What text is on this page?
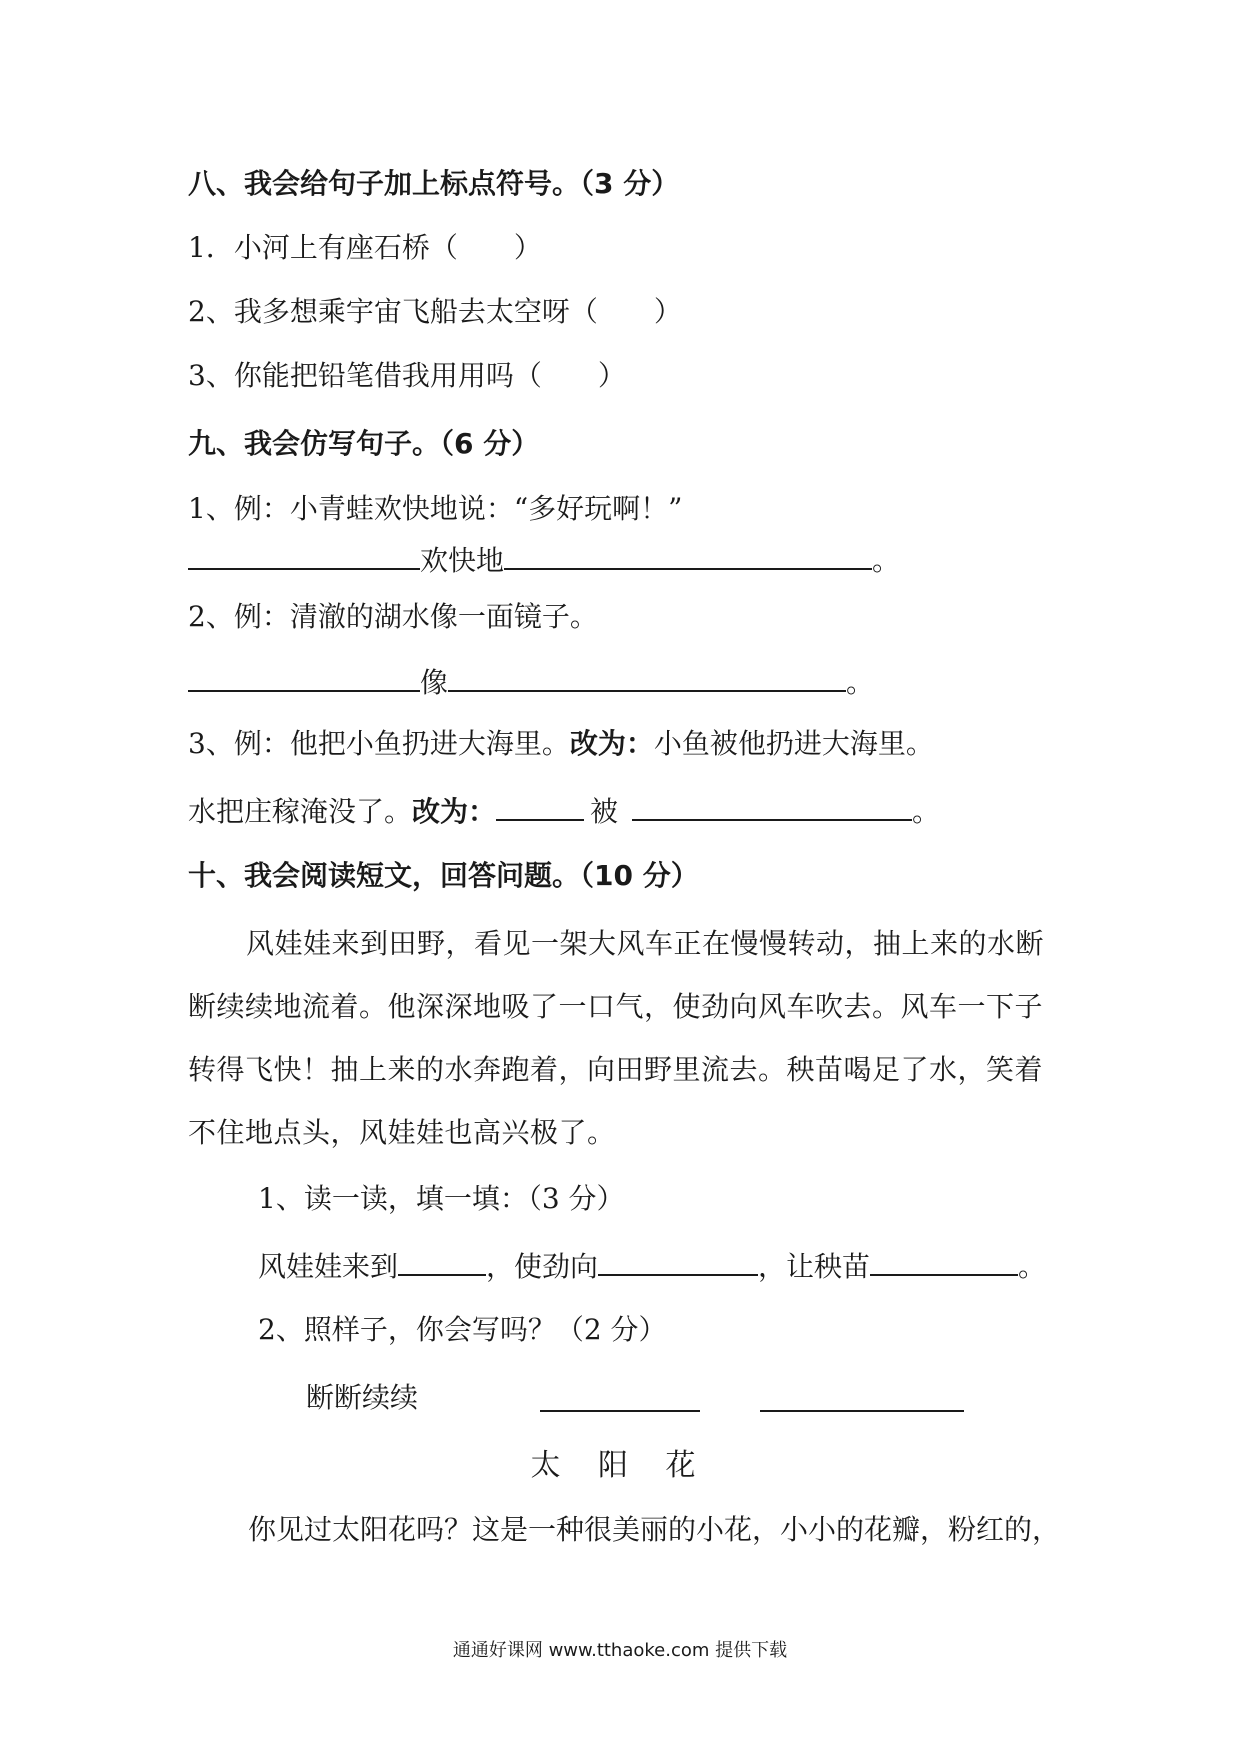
八、我会给句子加上标点符号。（3 分）
1．小河上有座石桥（　　）
2、我多想乘宇宙飞船去太空呀（　　）
3、你能把铅笔借我用用吗（　　）
九、我会仿写句子。（6 分）
1、例：小青蛙欢快地说：“多好玩啊！”
欢快地	。
2、例：清澈的湖水像一面镜子。
像	。
3、例：他把小鱼扔进大海里。改为：小鱼被他扔进大海里。
水把庄稼淹没了。改为：	被	。
十、我会阅读短文，回答问题。（10 分）
风娃娃来到田野，看见一架大风车正在慢慢转动，抽上来的水断断续续地流着。他深深地吸了一口气，使劲向风车吹去。风车一下子转得飞快！抽上来的水奔跑着，向田野里流去。秧苗喝足了水，笑着不住地点头，风娃娃也高兴极了。
1、读一读，填一填：（3 分）
风娃娃来到	，使劲向	，让秧苗	。
2、照样子，你会写吗？（2 分）
断断续续
太 阳 花
你见过太阳花吗？这是一种很美丽的小花，小小的花瓣，粉红的，
通通好课网 www.tthaoke.com 提供下载
